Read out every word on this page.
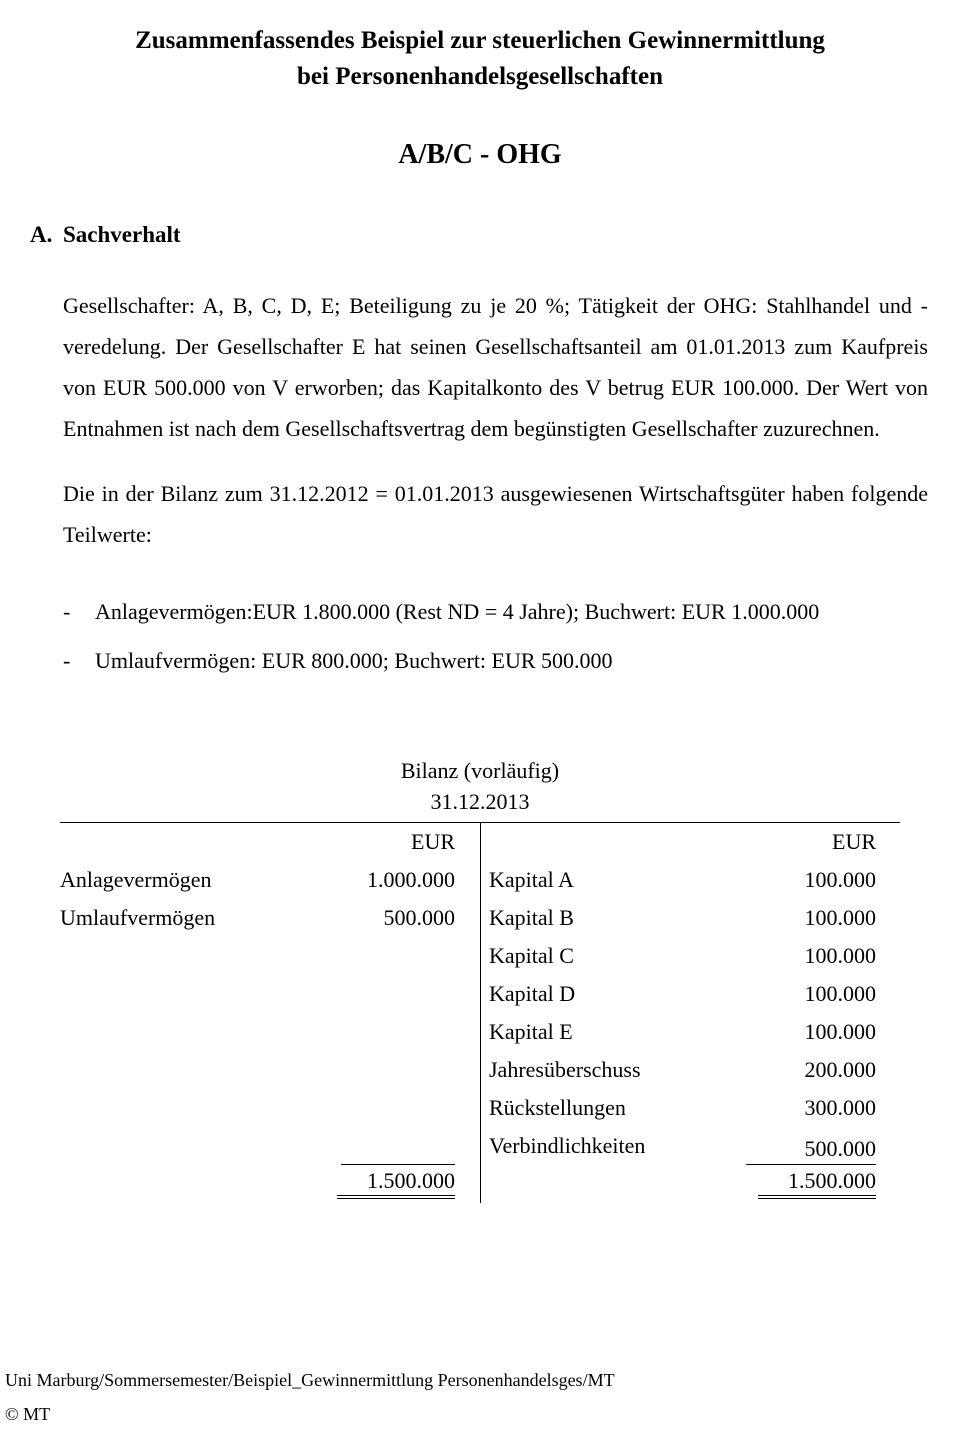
Zusammenfassendes Beispiel zur steuerlichen Gewinnermittlung
bei Personenhandelsgesellschaften
A/B/C - OHG
A. Sachverhalt

Gesellschafter: A, B, C, D, E; Beteiligung zu je 20 %; Tätigkeit der OHG: Stahlhandel und -veredelung. Der Gesellschafter E hat seinen Gesellschaftsanteil am 01.01.2013 zum Kaufpreis von EUR 500.000 von V erworben; das Kapitalkonto des V betrug EUR 100.000. Der Wert von Entnahmen ist nach dem Gesellschaftsvertrag dem begünstigten Gesellschafter zuzurechnen.

Die in der Bilanz zum 31.12.2012 = 01.01.2013 ausgewiesenen Wirtschaftsgüter haben folgende Teilwerte:

-	Anlagevermögen:EUR 1.800.000 (Rest ND = 4 Jahre); Buchwert: EUR 1.000.000
-	Umlaufvermögen: EUR 800.000; Buchwert: EUR 500.000
Bilanz (vorläufig)
31.12.2013
EUR
Anlagevermögen	1.000.000
Umlaufvermögen	500.000
1.500.000
EUR
Kapital A	100.000
Kapital B	100.000
Kapital C	100.000
Kapital D	100.000
Kapital E	100.000
Jahresüberschuss	200.000
Rückstellungen	300.000
Verbindlichkeiten	500.000
1.500.000
Uni Marburg/Sommersemester/Beispiel_Gewinnermittlung Personenhandelsges/MT
© MT
